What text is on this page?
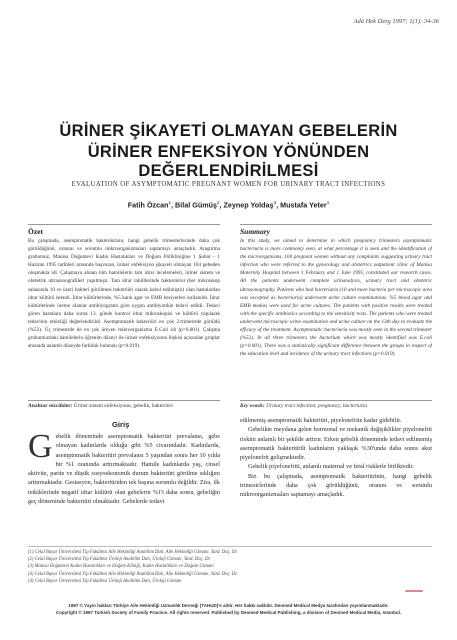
Adü Hek Derg 1997; 1(1): 34-36
ÜRİNER ŞİKAYETİ OLMAYAN GEBELERİN
ÜRİNER ENFEKSİYON YÖNÜNDEN
DEĞERLENDİRİLMESİ
EVALUATION OF ASYMPTOMATIC PREGNANT WOMEN FOR URINARY TRACT INFECTIONS
Fatih Özcan$^1$, Bilal Gümüş$^2$, Zeynep Yoldaş$^3$, Mustafa Yeter$^1$
Özet
Bu çalışmada, asemptomatik bakteriürinin, hangi gebelik trimesterlerinde daha çok görüldüğünü, oranını ve sorumlu mikroorganizmaları saptamayı amaçladık. Araştırma grubumuz, Manisa Doğumevi Kadın Hastalıkları ve Doğum Polikliniğine 1 Şubat - 1 Haziran 1995 tarihleri arasında başvuran, üriner enfeksiyon şikayeti olmayan 104 gebeden oluşmakta idi. Çalışmaya alınan tüm hamilelerin tam idrar incelemeleri, üriner sistem ve obstetrik ultrasonografileri yapılmıştı. Tam idrar tahlillerinde bakteriürisi (her mikroskop sahasında 10 ve üzeri bakteri görülmesi bakteriüri olarak kabul edilmiştir) olan hastalardan idrar kültürü istendi. İdrar kültürlerinde, %5 kanlı agar ve EMB besiyerleri kullanıldı. İdrar kültürlerinde üreme olanlar antibiyogramı göre uygun antibiyotikle tedavi edildi. Tedavi gören hastalara daha sonra 13. günde kontrol idrar mikroskopisi ve kültürü yapılarak tedavinin etkinliği değerlendirildi. Asemptomatik bakteriüri en çok 2.trimestrde görüldü (%52). Üç trimestrde de en çok üreyen mikroorganizma E.Coli idi (p=0.001). Çalışma grubumuzdaki hamilelerin öğrenim düzeyi ile üriner enfeksiyonun ilişkisi açısından gruplar arasında anlamlı düzeyde farklılık bulundu (p=0.019).
Anahtar sözcükler: Üriner sistem enfeksiyonu, gebelik, bakteriüri
Summary
In this study, we aimed to determine in which pregnancy trimesters asymptomatic bacteriuria is more commonly seen, at what percentage it is seen and the identification of the microorganisms. 104 pregnant women without any complaints suggesting urinary tract infection who were referred to the gynecology and obstetrics outpatient clinic of Manisa Maternity Hospital between 1 February and 1 June 1995, constituted our research cases. All the patients underwent complete urinanalysis, urinary tract and obstetric ultrasonography. Patients who had bacteriuria (10 and more bacteria per microscopic area was accepted as bacteriuria) underwent urine culture examinations. %5 blood agar and EMB medias were used for urine cultures. The patients with positive results were treated with the specific antibiotics according to the sensitivity tests. The patients who were treated underwent microscopic urine examination and urine culture on the 13th day to evaluate the efficacy of the treatment. Asymptomatic bacteriuria was mostly seen in the second trimester (%52). In all three trimesters the bacterium which was mostly identified was E.coli (p=0.001). There was a statistically significant difference between the groups in respect of the education level and incidence of the urinary tract infections (p=0.019).
Key words: Urinary tract infection, pregnancy, bacteriuria
Giriş
Gebelik döneminde asemptomatik bakteriüri prevalansı, gebe olmayan kadınlarda olduğu gibi %5 civarındadır. Kadınlarda, asemptomatik bakteriüri prevalansı 5 yaşından sonra her 10 yılda bir %1 oranında arttırmaktadır. Hamile kadınlarda yaş, cinsel aktivite, parite ve düşük sosyoekonomik durum bakteriüri görülme sıklığını arttırmaktadır. Gestasyon, bakteriüriden tek başına sorumlu değildir. Zira, ilk tetkiklerinde negatif idrar kültürü olan gebelerin %1'i daha sonra, gebeliğin geç döneminde bakteriüri olmaktadır. Gebelerde tedavi

edilmemiş asemptomatik bakteriüri, piyelonefrite kadar gidebilir.

Gebelikte meydana gelen hormonal ve mekanik değişiklikler piyelonefrit riskini anlamlı bir şekilde arttırır. Erken gebelik döneminde tedavi edilmemiş asemptomatik bakteriürili kadınların yaklaşık %30'unda daha sonra akut piyelonefrit gelişmektedir.

Gebelik piyelonefriti, anlamlı maternal ve fetal risklerle birliktedir.

Biz bu çalışmada, asemptomatik bakteriürinin, hangi gebelik trimestrlerinde daha çok görüldüğünü, oranını ve sorumlu mikroorganizmaları saptamayı amaçladık.

(1) Celal Bayar Üniversitesi Tıp Fakültesi Aile Hekimliği Anabilim Dalı, Aile Hekimliği Uzmanı, Yard. Doç. Dr.
(2) Celal Bayar Üniversitesi Tıp Fakültesi Üroloji Anabilim Dalı, Üroloji Uzmanı, Yard. Doç. Dr.
(3) Manisa Doğumevi Kadın Hastalıkları ve Doğum Kliniği, Kadın Hastalıkları ve Doğum Uzmanı
(4) Celal Bayar Üniversitesi Tıp Fakültesi Aile Hekimliği Anabilim Dalı, Aile Hekimliği Uzmanı, Yard. Doç. Dr.
(4) Celal Bayar Üniversitesi Tıp Fakültesi Üroloji Anabilim Dalı, Üroloji Uzmanı
1997 © Yayın hakları Türkiye Aile Hekimliği Uzmanlık Derneği (TAHUD)'e aittir. Her hakkı saklıdır. Deomed Medical Medya tarafından yayımlanmaktadır.
Copyright © 1997 Turkish Society of Family Practice. All rights reserved. Published by Deomed Medical Publishing, a division of Deomed Medical Media, Istanbul.
